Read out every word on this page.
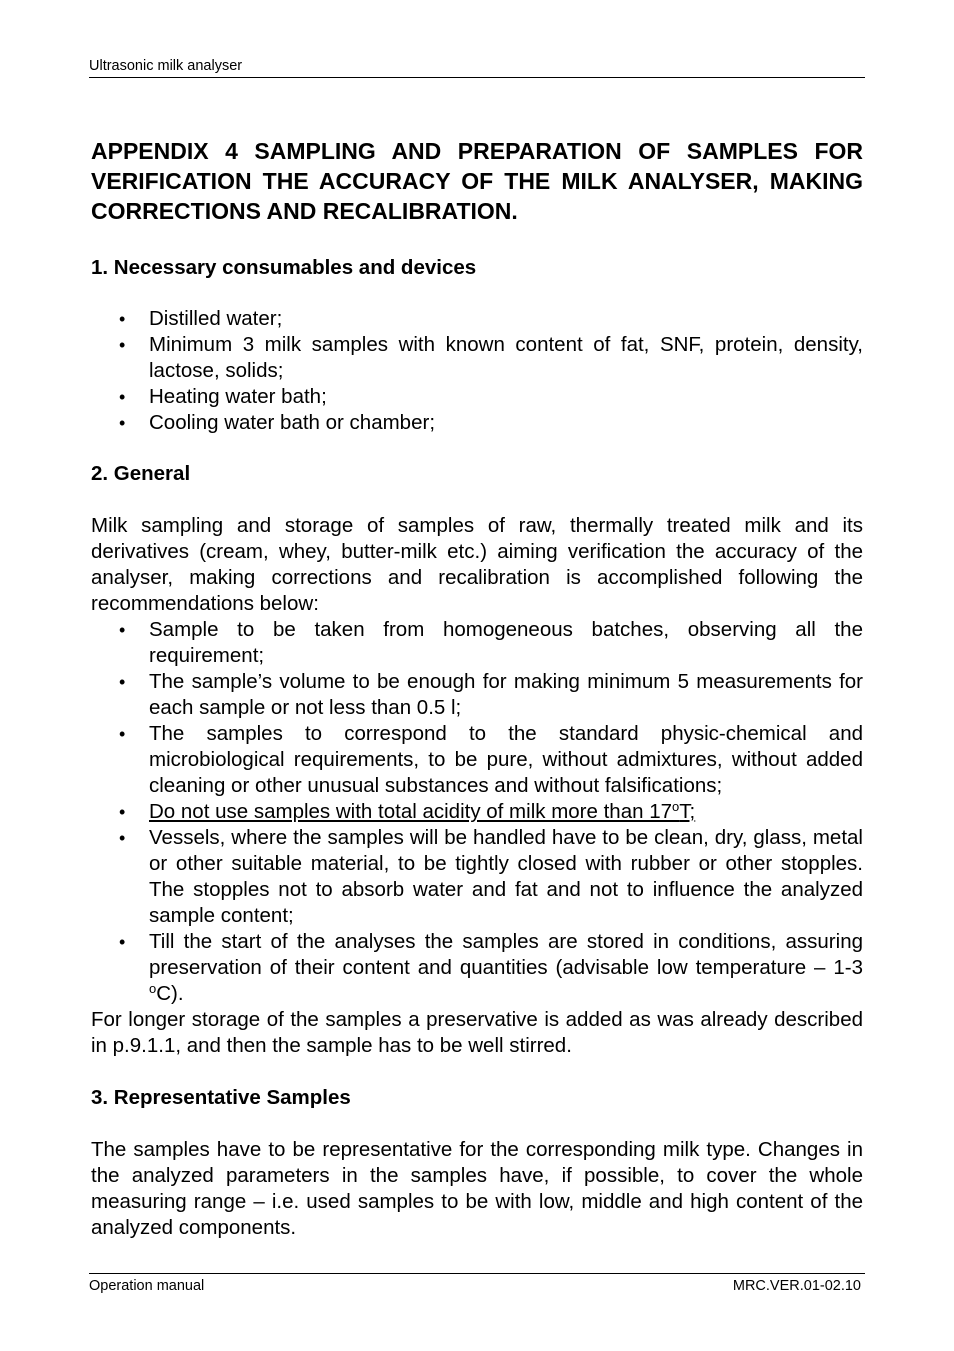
Ultrasonic milk analyser
APPENDIX 4 SAMPLING AND PREPARATION OF SAMPLES FOR VERIFICATION THE ACCURACY OF THE MILK ANALYSER, MAKING CORRECTIONS AND RECALIBRATION.
1. Necessary consumables and devices
• Distilled water;
• Minimum 3 milk samples with known content of fat, SNF, protein, density, lactose, solids;
• Heating water bath;
• Cooling water bath or chamber;
2. General

Milk sampling and storage of samples of raw, thermally treated milk and its derivatives (cream, whey, butter-milk etc.) aiming verification the accuracy of the analyser, making corrections and recalibration is accomplished following the recommendations below:

• Sample to be taken from homogeneous batches, observing all the requirement;
• The sample’s volume to be enough for making minimum 5 measurements for each sample or not less than 0.5 l;
• The samples to correspond to the standard physic-chemical and microbiological requirements, to be pure, without admixtures, without added cleaning or other unusual substances and without falsifications;
• Do not use samples with total acidity of milk more than 17$^o$T;
• Vessels, where the samples will be handled have to be clean, dry, glass, metal or other suitable material, to be tightly closed with rubber or other stopples. The stopples not to absorb water and fat and not to influence the analyzed sample content;
• Till the start of the analyses the samples are stored in conditions, assuring preservation of their content and quantities (advisable low temperature – 1-3 $^o$C).

For longer storage of the samples a preservative is added as was already described in p.9.1.1, and then the sample has to be well stirred.

3. Representative Samples

The samples have to be representative for the corresponding milk type. Changes in the analyzed parameters in the samples have, if possible, to cover the whole measuring range – i.e. used samples to be with low, middle and high content of the analyzed components.

Operation manual	MRC.VER.01-02.10
